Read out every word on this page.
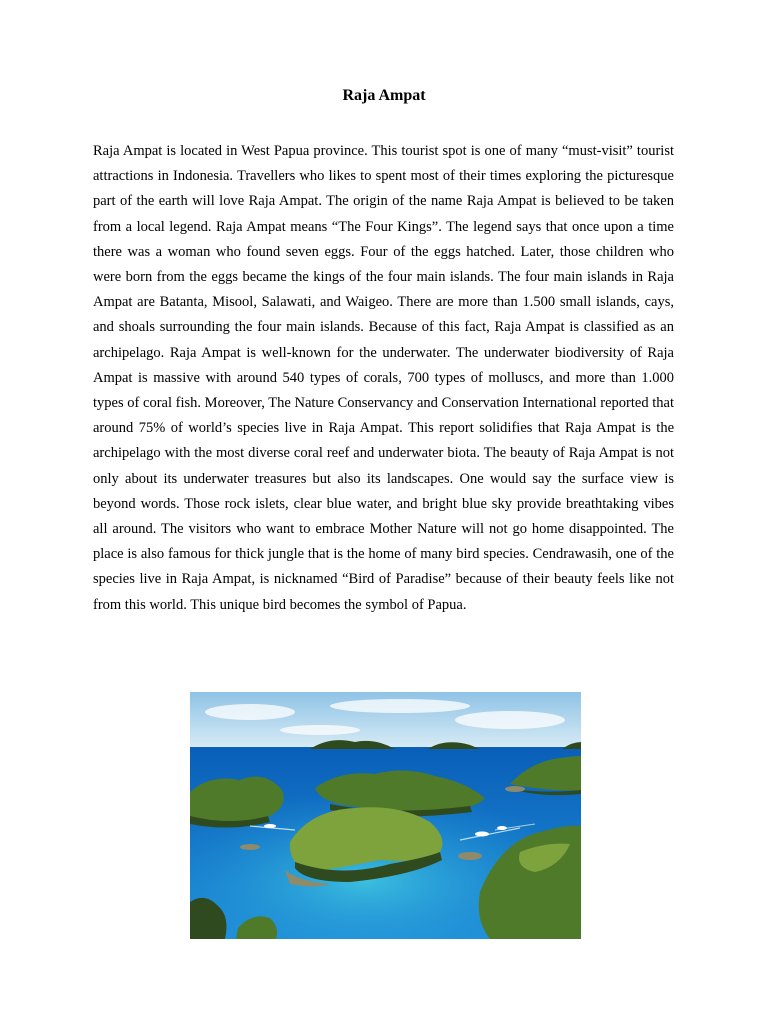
Raja Ampat

Raja Ampat is located in West Papua province. This tourist spot is one of many “must-visit” tourist attractions in Indonesia. Travellers who likes to spent most of their times exploring the picturesque part of the earth will love Raja Ampat. The origin of the name Raja Ampat is believed to be taken from a local legend. Raja Ampat means “The Four Kings”. The legend says that once upon a time there was a woman who found seven eggs. Four of the eggs hatched. Later, those children who were born from the eggs became the kings of the four main islands. The four main islands in Raja Ampat are Batanta, Misool, Salawati, and Waigeo. There are more than 1.500 small islands, cays, and shoals surrounding the four main islands. Because of this fact, Raja Ampat is classified as an archipelago. Raja Ampat is well-known for the underwater. The underwater biodiversity of Raja Ampat is massive with around 540 types of corals, 700 types of molluscs, and more than 1.000 types of coral fish. Moreover, The Nature Conservancy and Conservation International reported that around 75% of world’s species live in Raja Ampat. This report solidifies that Raja Ampat is the archipelago with the most diverse coral reef and underwater biota. The beauty of Raja Ampat is not only about its underwater treasures but also its landscapes. One would say the surface view is beyond words. Those rock islets, clear blue water, and bright blue sky provide breathtaking vibes all around. The visitors who want to embrace Mother Nature will not go home disappointed. The place is also famous for thick jungle that is the home of many bird species. Cendrawasih, one of the species live in Raja Ampat, is nicknamed “Bird of Paradise” because of their beauty feels like not from this world. This unique bird becomes the symbol of Papua.
